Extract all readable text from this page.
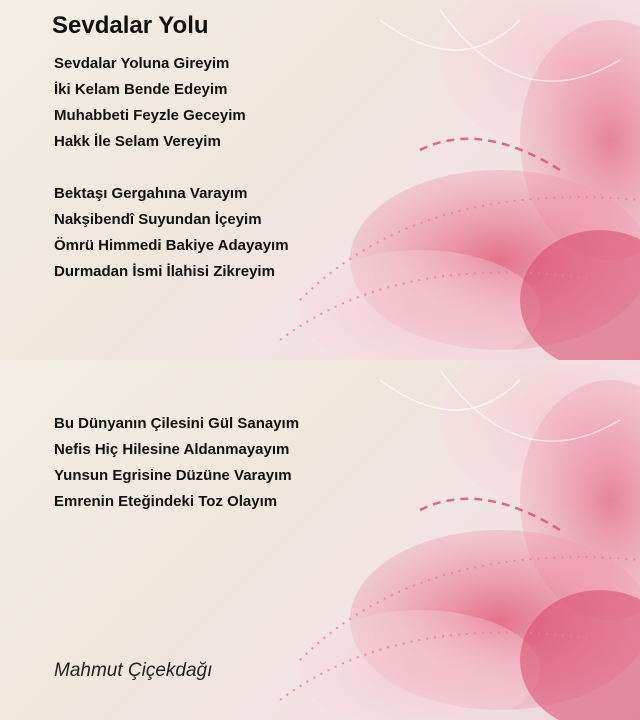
Sevdalar Yolu
Sevdalar Yoluna Gireyim
İki Kelam Bende Edeyim
Muhabbeti Feyzle Geceyim
Hakk İle Selam Vereyim
Bektaşı Gergahına Varayım
Nakşibendî Suyundan İçeyim
Ömrü Himmedi Bakiye Adayayım
Durmadan İsmi İlahisi Zikreyim
Bu Dünyanın Çilesini Gül Sanayım
Nefis Hiç Hilesine Aldanmayayım
Yunsun Egrisine Düzüne Varayım
Emrenin Eteğindeki Toz Olayım
Mahmut Çiçekdağı
